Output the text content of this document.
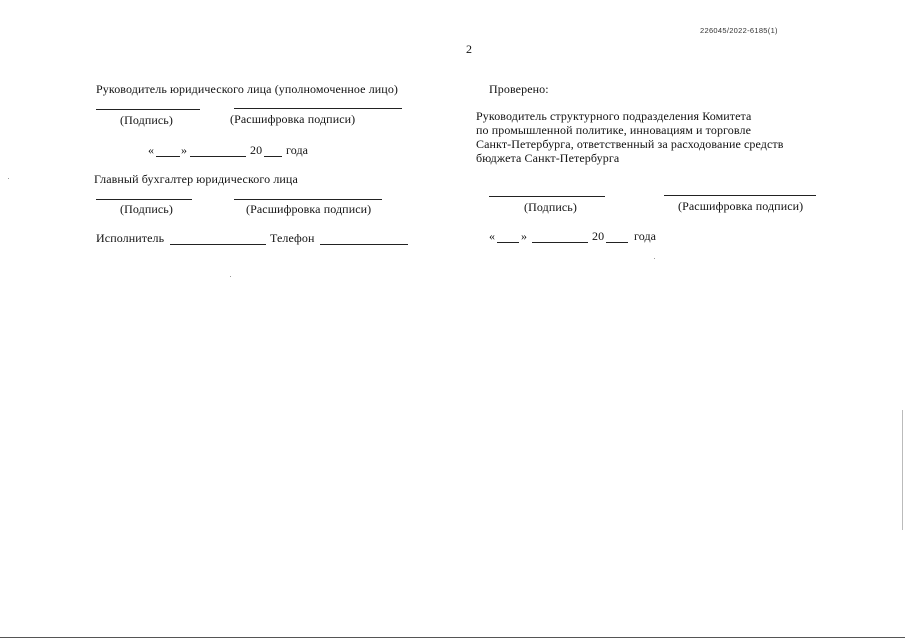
226045/2022-6185(1)
2
Руководитель юридического лица (уполномоченное лицо)
(Подпись)	(Расшифровка подписи)
« »	20 года
Главный бухгалтер юридического лица
(Подпись)	(Расшифровка подписи)
Исполнитель	Телефон
Проверено:
Руководитель структурного подразделения Комитета
по промышленной политике, инновациям и торговле
Санкт-Петербурга, ответственный за расходование средств
бюджета Санкт-Петербурга
(Подпись)	(Расшифровка подписи)
« »	20 года
